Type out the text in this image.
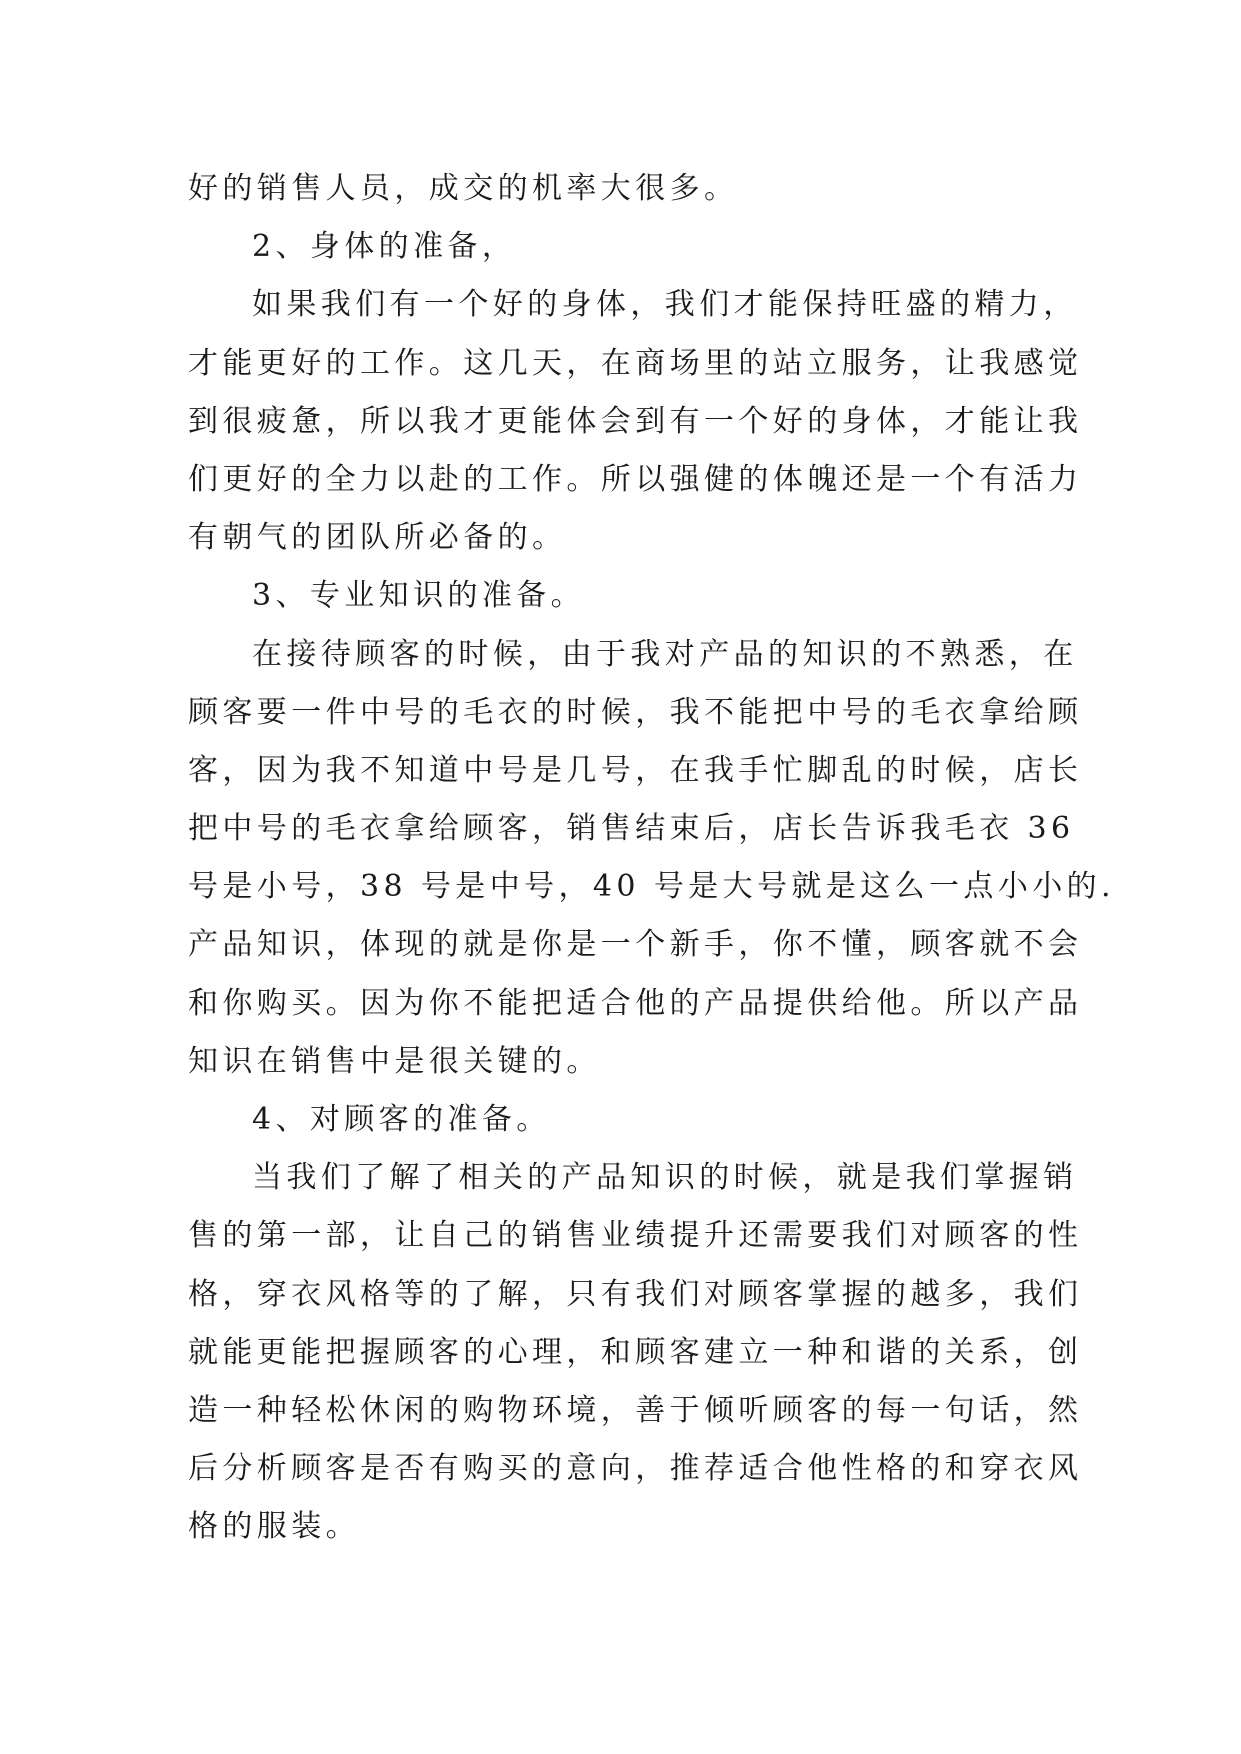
好的销售人员，成交的机率大很多。
2、身体的准备，
如果我们有一个好的身体，我们才能保持旺盛的精力，
才能更好的工作。这几天，在商场里的站立服务，让我感觉
到很疲惫，所以我才更能体会到有一个好的身体，才能让我
们更好的全力以赴的工作。所以强健的体魄还是一个有活力
有朝气的团队所必备的。
3、专业知识的准备。
在接待顾客的时候，由于我对产品的知识的不熟悉，在
顾客要一件中号的毛衣的时候，我不能把中号的毛衣拿给顾
客，因为我不知道中号是几号，在我手忙脚乱的时候，店长
把中号的毛衣拿给顾客，销售结束后，店长告诉我毛衣 36
号是小号，38 号是中号，40 号是大号就是这么一点小小的.
产品知识，体现的就是你是一个新手，你不懂，顾客就不会
和你购买。因为你不能把适合他的产品提供给他。所以产品
知识在销售中是很关键的。
4、对顾客的准备。
当我们了解了相关的产品知识的时候，就是我们掌握销
售的第一部，让自己的销售业绩提升还需要我们对顾客的性
格，穿衣风格等的了解，只有我们对顾客掌握的越多，我们
就能更能把握顾客的心理，和顾客建立一种和谐的关系，创
造一种轻松休闲的购物环境，善于倾听顾客的每一句话，然
后分析顾客是否有购买的意向，推荐适合他性格的和穿衣风
格的服装。
